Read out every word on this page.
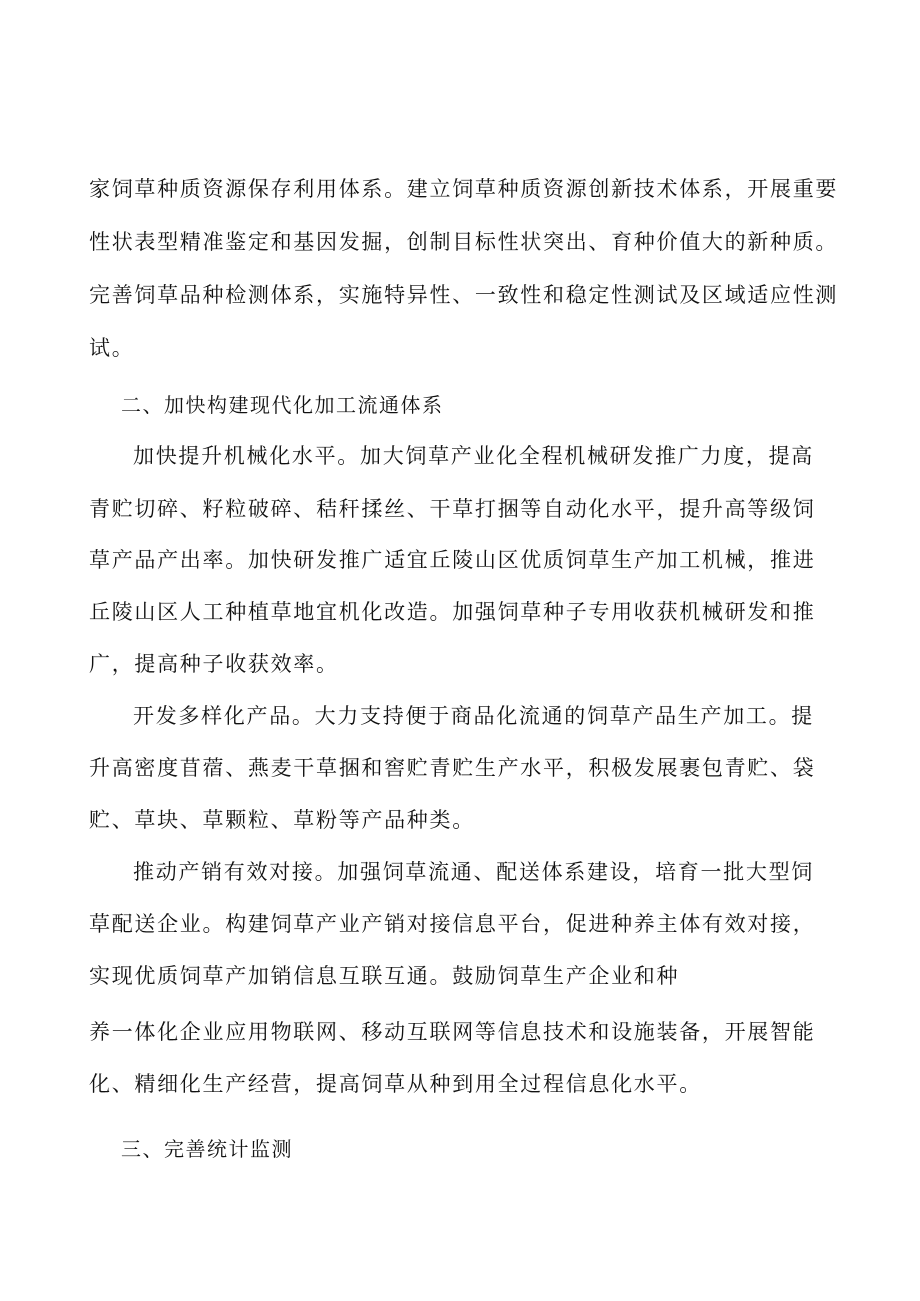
家饲草种质资源保存利用体系。建立饲草种质资源创新技术体系，开展重要
性状表型精准鉴定和基因发掘，创制目标性状突出、育种价值大的新种质。
完善饲草品种检测体系，实施特异性、一致性和稳定性测试及区域适应性测
试。
二、加快构建现代化加工流通体系
加快提升机械化水平。加大饲草产业化全程机械研发推广力度，提高
青贮切碎、籽粒破碎、秸秆揉丝、干草打捆等自动化水平，提升高等级饲
草产品产出率。加快研发推广适宜丘陵山区优质饲草生产加工机械，推进
丘陵山区人工种植草地宜机化改造。加强饲草种子专用收获机械研发和推
广，提高种子收获效率。
开发多样化产品。大力支持便于商品化流通的饲草产品生产加工。提
升高密度苜蓿、燕麦干草捆和窖贮青贮生产水平，积极发展裹包青贮、袋
贮、草块、草颗粒、草粉等产品种类。
推动产销有效对接。加强饲草流通、配送体系建设，培育一批大型饲
草配送企业。构建饲草产业产销对接信息平台，促进种养主体有效对接，
实现优质饲草产加销信息互联互通。鼓励饲草生产企业和种
养一体化企业应用物联网、移动互联网等信息技术和设施装备，开展智能
化、精细化生产经营，提高饲草从种到用全过程信息化水平。
三、完善统计监测
